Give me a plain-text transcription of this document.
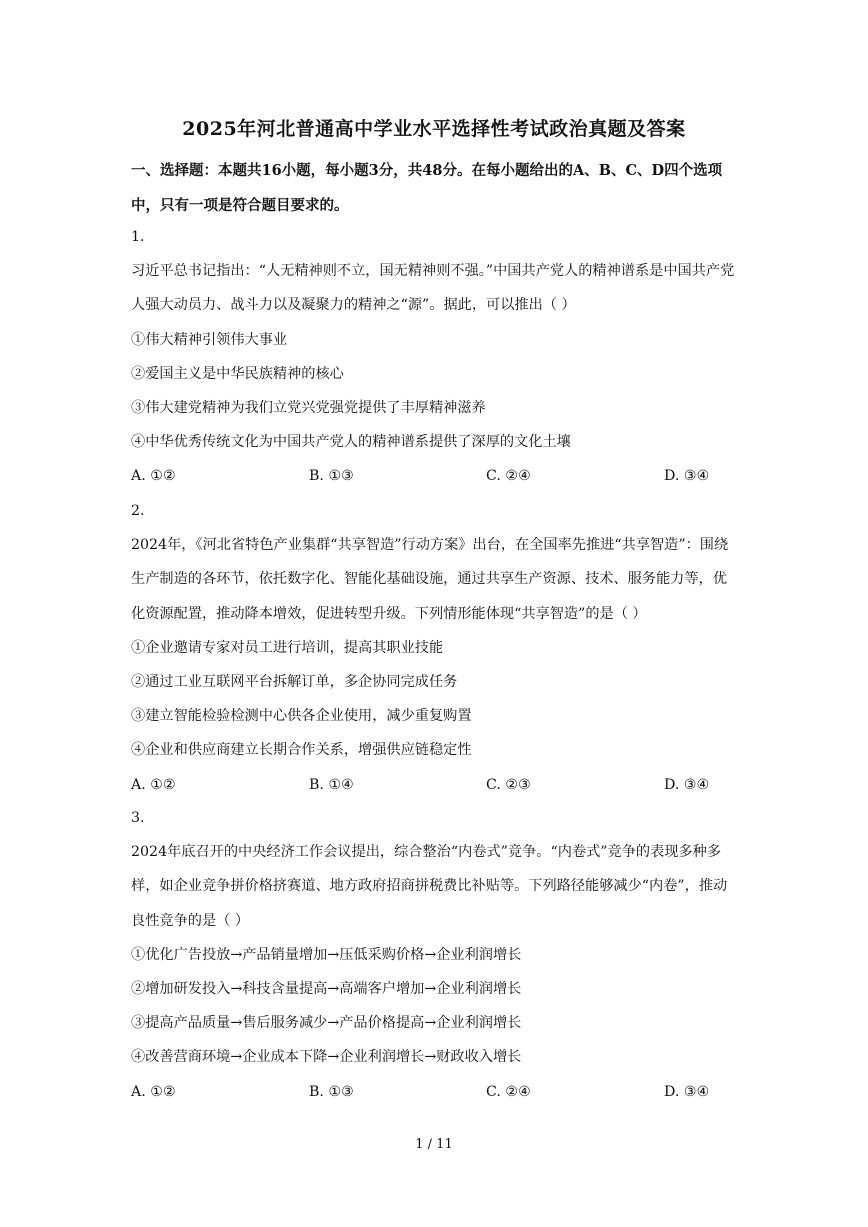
2025年河北普通高中学业水平选择性考试政治真题及答案
一、选择题：本题共16小题，每小题3分，共48分。在每小题给出的A、B、C、D四个选项中，只有一项是符合题目要求的。
1.
习近平总书记指出：“人无精神则不立，国无精神则不强。”中国共产党人的精神谱系是中国共产党人强大动员力、战斗力以及凝聚力的精神之“源”。据此，可以推出（ ）
①伟大精神引领伟大事业
②爱国主义是中华民族精神的核心
③伟大建党精神为我们立党兴党强党提供了丰厚精神滋养
④中华优秀传统文化为中国共产党人的精神谱系提供了深厚的文化土壤
A. ①②	B. ①③	C. ②④	D. ③④
2.
2024年，《河北省特色产业集群“共享智造”行动方案》出台，在全国率先推进“共享智造”：围绕生产制造的各环节，依托数字化、智能化基础设施，通过共享生产资源、技术、服务能力等，优化资源配置，推动降本增效，促进转型升级。下列情形能体现“共享智造”的是（ ）
①企业邀请专家对员工进行培训，提高其职业技能
②通过工业互联网平台拆解订单，多企协同完成任务
③建立智能检验检测中心供各企业使用，减少重复购置
④企业和供应商建立长期合作关系，增强供应链稳定性
A. ①②	B. ①④	C. ②③	D. ③④
3.
2024年底召开的中央经济工作会议提出，综合整治“内卷式”竞争。“内卷式”竞争的表现多种多样，如企业竞争拼价格挤赛道、地方政府招商拼税费比补贴等。下列路径能够减少“内卷”，推动良性竞争的是（ ）
①优化广告投放→产品销量增加→压低采购价格→企业利润增长
②增加研发投入→科技含量提高→高端客户增加→企业利润增长
③提高产品质量→售后服务减少→产品价格提高→企业利润增长
④改善营商环境→企业成本下降→企业利润增长→财政收入增长
A. ①②	B. ①③	C. ②④	D. ③④
1 / 11
